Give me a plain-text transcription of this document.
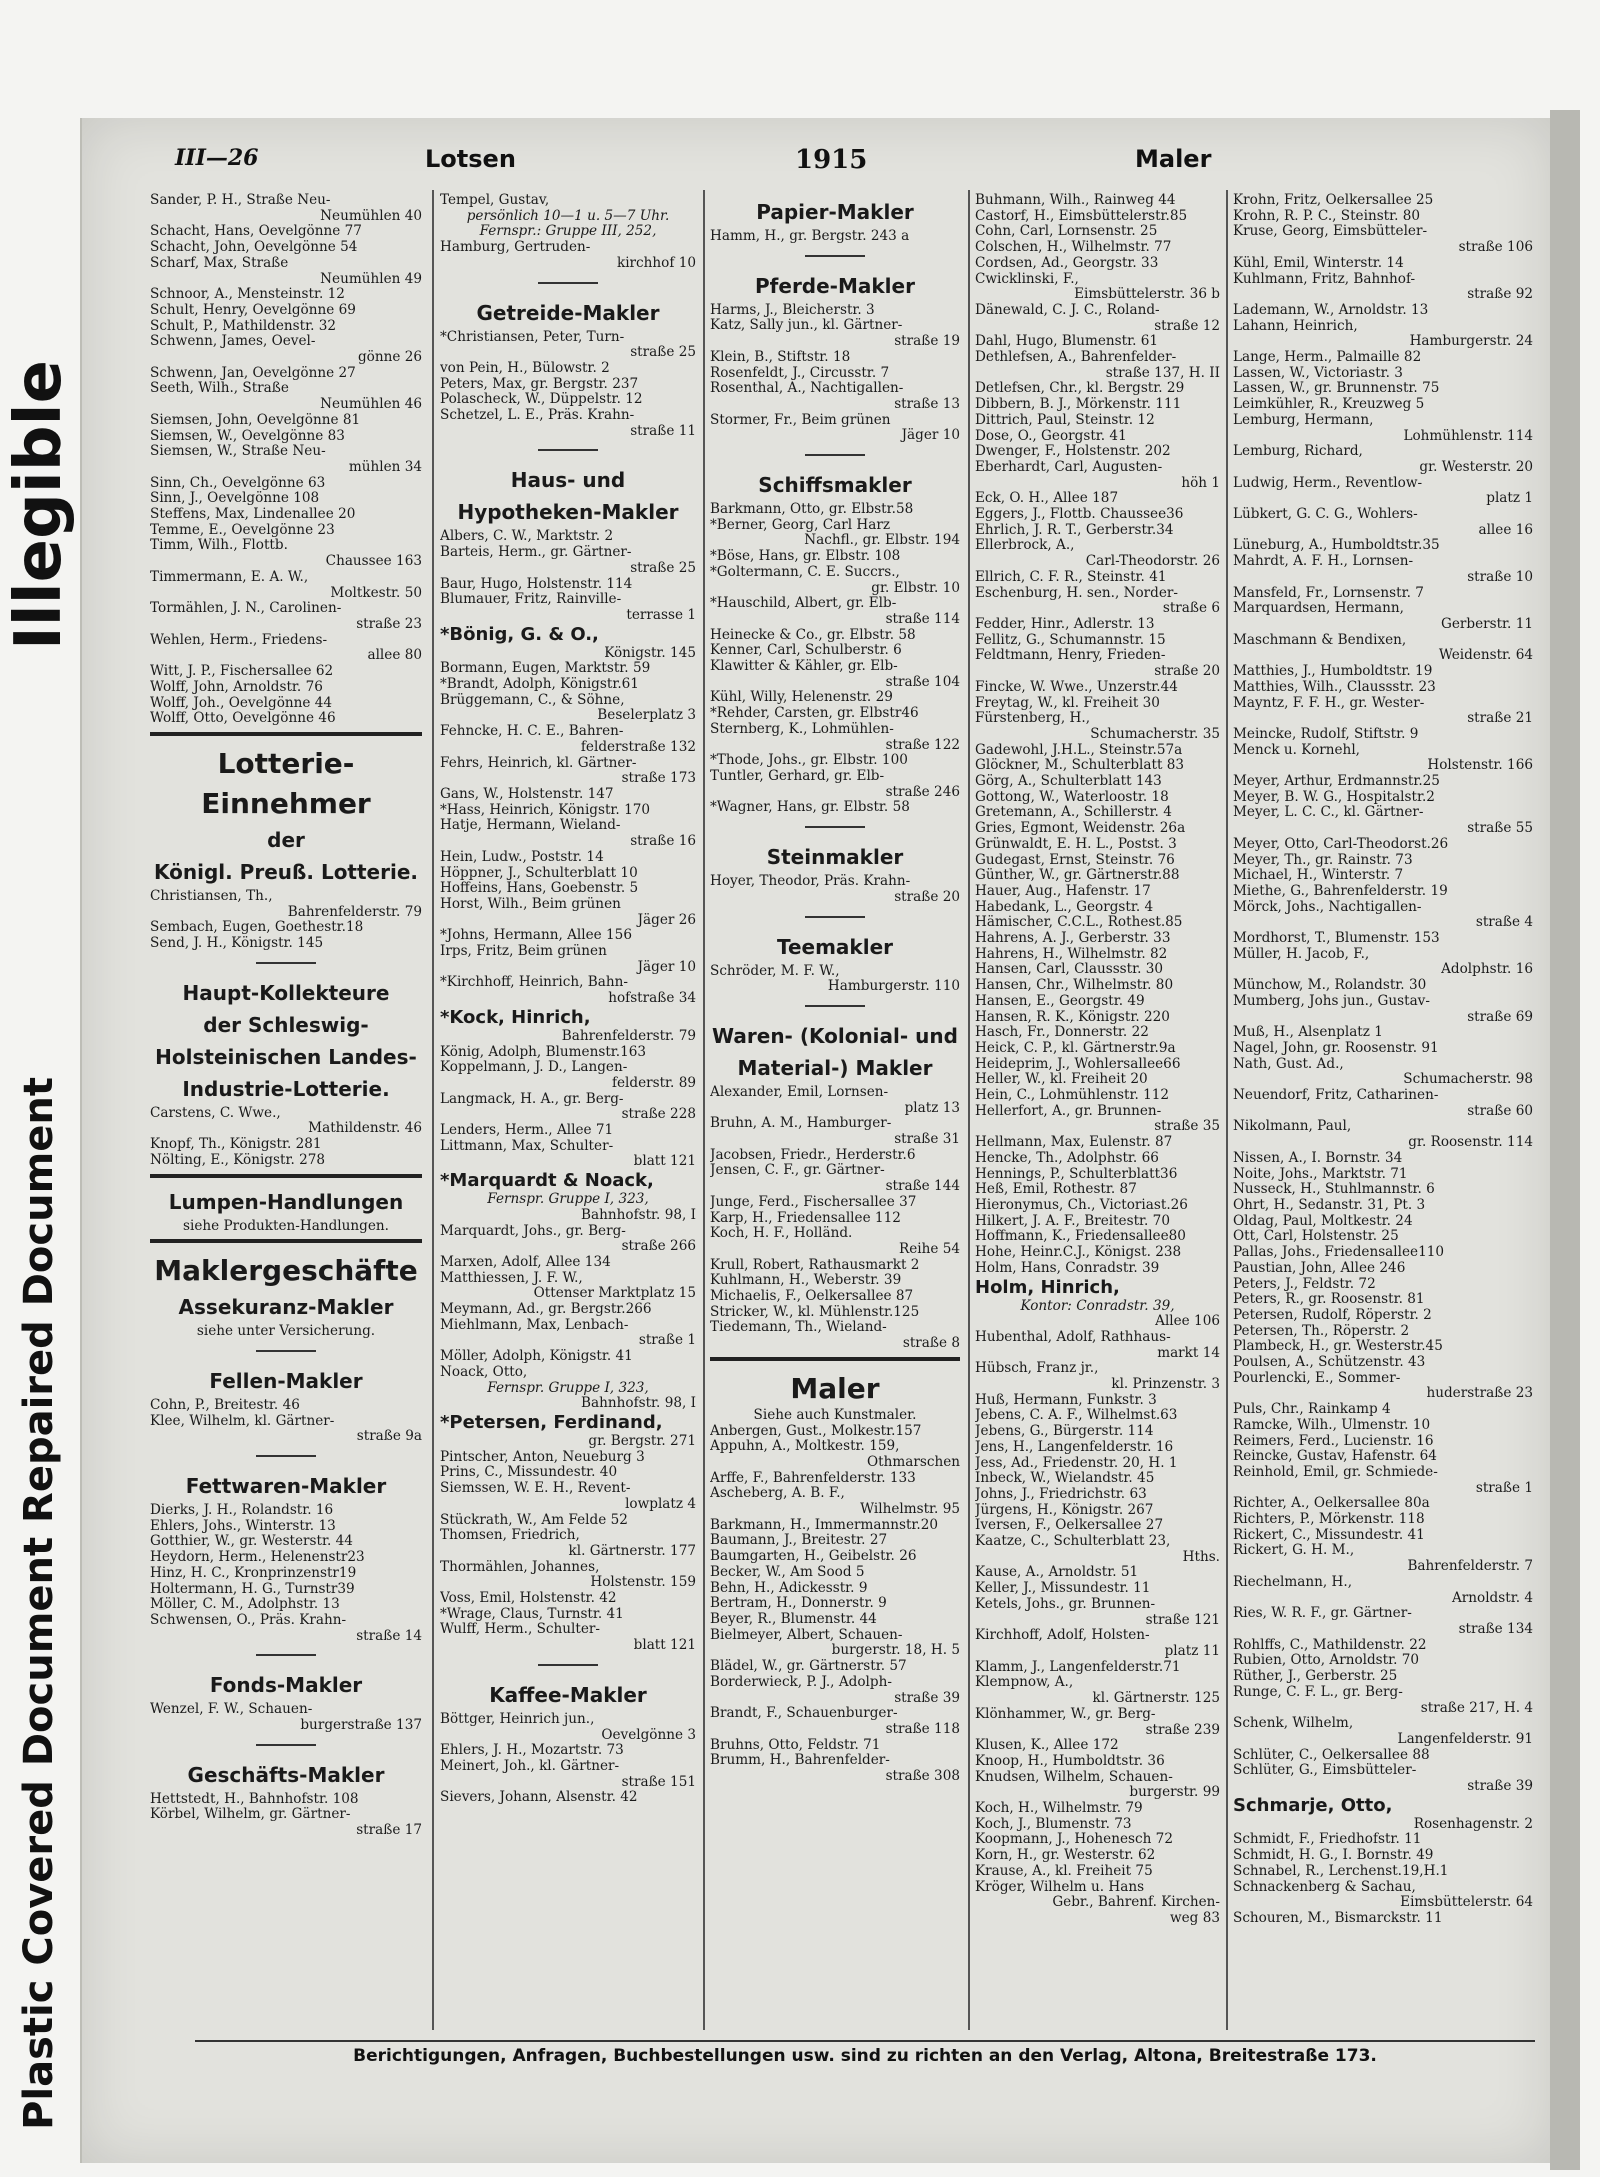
Illegible
Plastic Covered Document Repaired Document
III—26	Lotsen	1915	Maler
Sander, P. H., Straße Neu-
Neumühlen 40
Schacht, Hans, Oevelgönne 77
Schacht, John, Oevelgönne 54
Scharf, Max, Straße
Neumühlen 49
Schnoor, A., Mensteinstr. 12
Schult, Henry, Oevelgönne 69
Schult, P., Mathildenstr. 32
Schwenn, James, Oevel-
gönne 26
Schwenn, Jan, Oevelgönne 27
Seeth, Wilh., Straße
Neumühlen 46
Siemsen, John, Oevelgönne 81
Siemsen, W., Oevelgönne 83
Siemsen, W., Straße Neu-
mühlen 34
Sinn, Ch., Oevelgönne 63
Sinn, J., Oevelgönne 108
Steffens, Max, Lindenallee 20
Temme, E., Oevelgönne 23
Timm, Wilh., Flottb.
Chaussee 163
Timmermann, E. A. W.,
Moltkestr. 50
Tormählen, J. N., Carolinen-
straße 23
Wehlen, Herm., Friedens-
allee 80
Witt, J. P., Fischersallee 62
Wolff, John, Arnoldstr. 76
Wolff, Joh., Oevelgönne 44
Wolff, Otto, Oevelgönne 46
Lotterie-
Einnehmer
der
Königl. Preuß. Lotterie.
Christiansen, Th.,
Bahrenfelderstr. 79
Sembach, Eugen, Goethestr.18
Send, J. H., Königstr. 145
Haupt-Kollekteure
der Schleswig-
Holsteinischen Landes-
Industrie-Lotterie.
Carstens, C. Wwe.,
Mathildenstr. 46
Knopf, Th., Königstr. 281
Nölting, E., Königstr. 278
Lumpen-Handlungen
siehe Produkten-Handlungen.
Maklergeschäfte
Assekuranz-Makler
siehe unter Versicherung.
Fellen-Makler
Cohn, P., Breitestr. 46
Klee, Wilhelm, kl. Gärtner-
straße 9a
Fettwaren-Makler
Dierks, J. H., Rolandstr. 16
Ehlers, Johs., Winterstr. 13
Gotthier, W., gr. Westerstr. 44
Heydorn, Herm., Helenenstr23
Hinz, H. C., Kronprinzenstr19
Holtermann, H. G., Turnstr39
Möller, C. M., Adolphstr. 13
Schwensen, O., Präs. Krahn-
straße 14
Fonds-Makler
Wenzel, F. W., Schauen-
burgerstraße 137
Geschäfts-Makler
Hettstedt, H., Bahnhofstr. 108
Körbel, Wilhelm, gr. Gärtner-
straße 17
Tempel, Gustav,
persönlich 10—1 u. 5—7 Uhr.
Fernspr.: Gruppe III, 252,
Hamburg, Gertruden-
kirchhof 10
Getreide-Makler
*Christiansen, Peter, Turn-
straße 25
von Pein, H., Bülowstr. 2
Peters, Max, gr. Bergstr. 237
Polascheck, W., Düppelstr. 12
Schetzel, L. E., Präs. Krahn-
straße 11
Haus- und
Hypotheken-Makler
Albers, C. W., Marktstr. 2
Barteis, Herm., gr. Gärtner-
straße 25
Baur, Hugo, Holstenstr. 114
Blumauer, Fritz, Rainville-
terrasse 1
*Bönig, G. & O.,
Königstr. 145
Bormann, Eugen, Marktstr. 59
*Brandt, Adolph, Königstr.61
Brüggemann, C., & Söhne,
Beselerplatz 3
Fehncke, H. C. E., Bahren-
felderstraße 132
Fehrs, Heinrich, kl. Gärtner-
straße 173
Gans, W., Holstenstr. 147
*Hass, Heinrich, Königstr. 170
Hatje, Hermann, Wieland-
straße 16
Hein, Ludw., Poststr. 14
Höppner, J., Schulterblatt 10
Hoffeins, Hans, Goebenstr. 5
Horst, Wilh., Beim grünen
Jäger 26
*Johns, Hermann, Allee 156
Irps, Fritz, Beim grünen
Jäger 10
*Kirchhoff, Heinrich, Bahn-
hofstraße 34
*Kock, Hinrich,
Bahrenfelderstr. 79
König, Adolph, Blumenstr.163
Koppelmann, J. D., Langen-
felderstr. 89
Langmack, H. A., gr. Berg-
straße 228
Lenders, Herm., Allee 71
Littmann, Max, Schulter-
blatt 121
*Marquardt & Noack,
Fernspr. Gruppe I, 323,
Bahnhofstr. 98, I
Marquardt, Johs., gr. Berg-
straße 266
Marxen, Adolf, Allee 134
Matthiessen, J. F. W.,
Ottenser Marktplatz 15
Meymann, Ad., gr. Bergstr.266
Miehlmann, Max, Lenbach-
straße 1
Möller, Adolph, Königstr. 41
Noack, Otto,
Fernspr. Gruppe I, 323,
Bahnhofstr. 98, I
*Petersen, Ferdinand,
gr. Bergstr. 271
Pintscher, Anton, Neueburg 3
Prins, C., Missundestr. 40
Siemssen, W. E. H., Revent-
lowplatz 4
Stückrath, W., Am Felde 52
Thomsen, Friedrich,
kl. Gärtnerstr. 177
Thormählen, Johannes,
Holstenstr. 159
Voss, Emil, Holstenstr. 42
*Wrage, Claus, Turnstr. 41
Wulff, Herm., Schulter-
blatt 121
Kaffee-Makler
Böttger, Heinrich jun.,
Oevelgönne 3
Ehlers, J. H., Mozartstr. 73
Meinert, Joh., kl. Gärtner-
straße 151
Sievers, Johann, Alsenstr. 42
Papier-Makler
Hamm, H., gr. Bergstr. 243 a
Pferde-Makler
Harms, J., Bleicherstr. 3
Katz, Sally jun., kl. Gärtner-
straße 19
Klein, B., Stiftstr. 18
Rosenfeldt, J., Circusstr. 7
Rosenthal, A., Nachtigallen-
straße 13
Stormer, Fr., Beim grünen
Jäger 10
Schiffsmakler
Barkmann, Otto, gr. Elbstr.58
*Berner, Georg, Carl Harz
Nachfl., gr. Elbstr. 194
*Böse, Hans, gr. Elbstr. 108
*Goltermann, C. E. Succrs.,
gr. Elbstr. 10
*Hauschild, Albert, gr. Elb-
straße 114
Heinecke & Co., gr. Elbstr. 58
Kenner, Carl, Schulberstr. 6
Klawitter & Kähler, gr. Elb-
straße 104
Kühl, Willy, Helenenstr. 29
*Rehder, Carsten, gr. Elbstr46
Sternberg, K., Lohmühlen-
straße 122
*Thode, Johs., gr. Elbstr. 100
Tuntler, Gerhard, gr. Elb-
straße 246
*Wagner, Hans, gr. Elbstr. 58
Steinmakler
Hoyer, Theodor, Präs. Krahn-
straße 20
Teemakler
Schröder, M. F. W.,
Hamburgerstr. 110
Waren- (Kolonial- und
Material-) Makler
Alexander, Emil, Lornsen-
platz 13
Bruhn, A. M., Hamburger-
straße 31
Jacobsen, Friedr., Herderstr.6
Jensen, C. F., gr. Gärtner-
straße 144
Junge, Ferd., Fischersallee 37
Karp, H., Friedensallee 112
Koch, H. F., Holländ.
Reihe 54
Krull, Robert, Rathausmarkt 2
Kuhlmann, H., Weberstr. 39
Michaelis, F., Oelkersallee 87
Stricker, W., kl. Mühlenstr.125
Tiedemann, Th., Wieland-
straße 8
Maler
Siehe auch Kunstmaler.
Anbergen, Gust., Molkestr.157
Appuhn, A., Moltkestr. 159,
Othmarschen
Arffe, F., Bahrenfelderstr. 133
Ascheberg, A. B. F.,
Wilhelmstr. 95
Barkmann, H., Immermannstr.20
Baumann, J., Breitestr. 27
Baumgarten, H., Geibelstr. 26
Becker, W., Am Sood 5
Behn, H., Adickesstr. 9
Bertram, H., Donnerstr. 9
Beyer, R., Blumenstr. 44
Bielmeyer, Albert, Schauen-
burgerstr. 18, H. 5
Blädel, W., gr. Gärtnerstr. 57
Borderwieck, P. J., Adolph-
straße 39
Brandt, F., Schauenburger-
straße 118
Bruhns, Otto, Feldstr. 71
Brumm, H., Bahrenfelder-
straße 308
Buhmann, Wilh., Rainweg 44
Castorf, H., Eimsbüttelerstr.85
Cohn, Carl, Lornsenstr. 25
Colschen, H., Wilhelmstr. 77
Cordsen, Ad., Georgstr. 33
Cwicklinski, F.,
Eimsbüttelerstr. 36 b
Dänewald, C. J. C., Roland-
straße 12
Dahl, Hugo, Blumenstr. 61
Dethlefsen, A., Bahrenfelder-
straße 137, H. II
Detlefsen, Chr., kl. Bergstr. 29
Dibbern, B. J., Mörkenstr. 111
Dittrich, Paul, Steinstr. 12
Dose, O., Georgstr. 41
Dwenger, F., Holstenstr. 202
Eberhardt, Carl, Augusten-
höh 1
Eck, O. H., Allee 187
Eggers, J., Flottb. Chaussee36
Ehrlich, J. R. T., Gerberstr.34
Ellerbrock, A.,
Carl-Theodorstr. 26
Ellrich, C. F. R., Steinstr. 41
Eschenburg, H. sen., Norder-
straße 6
Fedder, Hinr., Adlerstr. 13
Fellitz, G., Schumannstr. 15
Feldtmann, Henry, Frieden-
straße 20
Fincke, W. Wwe., Unzerstr.44
Freytag, W., kl. Freiheit 30
Fürstenberg, H.,
Schumacherstr. 35
Gadewohl, J.H.L., Steinstr.57a
Glöckner, M., Schulterblatt 83
Görg, A., Schulterblatt 143
Gottong, W., Waterloostr. 18
Gretemann, A., Schillerstr. 4
Gries, Egmont, Weidenstr. 26a
Grünwaldt, E. H. L., Postst. 3
Gudegast, Ernst, Steinstr. 76
Günther, W., gr. Gärtnerstr.88
Hauer, Aug., Hafenstr. 17
Habedank, L., Georgstr. 4
Hämischer, C.C.L., Rothest.85
Hahrens, A. J., Gerberstr. 33
Hahrens, H., Wilhelmstr. 82
Hansen, Carl, Claussstr. 30
Hansen, Chr., Wilhelmstr. 80
Hansen, E., Georgstr. 49
Hansen, R. K., Königstr. 220
Hasch, Fr., Donnerstr. 22
Heick, C. P., kl. Gärtnerstr.9a
Heideprim, J., Wohlersallee66
Heller, W., kl. Freiheit 20
Hein, C., Lohmühlenstr. 112
Hellerfort, A., gr. Brunnen-
straße 35
Hellmann, Max, Eulenstr. 87
Hencke, Th., Adolphstr. 66
Hennings, P., Schulterblatt36
Heß, Emil, Rothestr. 87
Hieronymus, Ch., Victoriast.26
Hilkert, J. A. F., Breitestr. 70
Hoffmann, K., Friedensallee80
Hohe, Heinr.C.J., Königst. 238
Holm, Hans, Conradstr. 39
Holm, Hinrich,
Kontor: Conradstr. 39,
Allee 106
Hubenthal, Adolf, Rathhaus-
markt 14
Hübsch, Franz jr.,
kl. Prinzenstr. 3
Huß, Hermann, Funkstr. 3
Jebens, C. A. F., Wilhelmst.63
Jebens, G., Bürgerstr. 114
Jens, H., Langenfelderstr. 16
Jess, Ad., Friedenstr. 20, H. 1
Inbeck, W., Wielandstr. 45
Johns, J., Friedrichstr. 63
Jürgens, H., Königstr. 267
Iversen, F., Oelkersallee 27
Kaatze, C., Schulterblatt 23,
Hths.
Kause, A., Arnoldstr. 51
Keller, J., Missundestr. 11
Ketels, Johs., gr. Brunnen-
straße 121
Kirchhoff, Adolf, Holsten-
platz 11
Klamm, J., Langenfelderstr.71
Klempnow, A.,
kl. Gärtnerstr. 125
Klönhammer, W., gr. Berg-
straße 239
Klusen, K., Allee 172
Knoop, H., Humboldtstr. 36
Knudsen, Wilhelm, Schauen-
burgerstr. 99
Koch, H., Wilhelmstr. 79
Koch, J., Blumenstr. 73
Koopmann, J., Hohenesch 72
Korn, H., gr. Westerstr. 62
Krause, A., kl. Freiheit 75
Kröger, Wilhelm u. Hans
Gebr., Bahrenf. Kirchen-
weg 83
Krohn, Fritz, Oelkersallee 25
Krohn, R. P. C., Steinstr. 80
Kruse, Georg, Eimsbütteler-
straße 106
Kühl, Emil, Winterstr. 14
Kuhlmann, Fritz, Bahnhof-
straße 92
Lademann, W., Arnoldstr. 13
Lahann, Heinrich,
Hamburgerstr. 24
Lange, Herm., Palmaille 82
Lassen, W., Victoriastr. 3
Lassen, W., gr. Brunnenstr. 75
Leimkühler, R., Kreuzweg 5
Lemburg, Hermann,
Lohmühlenstr. 114
Lemburg, Richard,
gr. Westerstr. 20
Ludwig, Herm., Reventlow-
platz 1
Lübkert, G. C. G., Wohlers-
allee 16
Lüneburg, A., Humboldtstr.35
Mahrdt, A. F. H., Lornsen-
straße 10
Mansfeld, Fr., Lornsenstr. 7
Marquardsen, Hermann,
Gerberstr. 11
Maschmann & Bendixen,
Weidenstr. 64
Matthies, J., Humboldtstr. 19
Matthies, Wilh., Claussstr. 23
Mayntz, F. F. H., gr. Wester-
straße 21
Meincke, Rudolf, Stiftstr. 9
Menck u. Kornehl,
Holstenstr. 166
Meyer, Arthur, Erdmannstr.25
Meyer, B. W. G., Hospitalstr.2
Meyer, L. C. C., kl. Gärtner-
straße 55
Meyer, Otto, Carl-Theodorst.26
Meyer, Th., gr. Rainstr. 73
Michael, H., Winterstr. 7
Miethe, G., Bahrenfelderstr. 19
Mörck, Johs., Nachtigallen-
straße 4
Mordhorst, T., Blumenstr. 153
Müller, H. Jacob, F.,
Adolphstr. 16
Münchow, M., Rolandstr. 30
Mumberg, Johs jun., Gustav-
straße 69
Muß, H., Alsenplatz 1
Nagel, John, gr. Roosenstr. 91
Nath, Gust. Ad.,
Schumacherstr. 98
Neuendorf, Fritz, Catharinen-
straße 60
Nikolmann, Paul,
gr. Roosenstr. 114
Nissen, A., I. Bornstr. 34
Noite, Johs., Marktstr. 71
Nusseck, H., Stuhlmannstr. 6
Ohrt, H., Sedanstr. 31, Pt. 3
Oldag, Paul, Moltkestr. 24
Ott, Carl, Holstenstr. 25
Pallas, Johs., Friedensallee110
Paustian, John, Allee 246
Peters, J., Feldstr. 72
Peters, R., gr. Roosenstr. 81
Petersen, Rudolf, Röperstr. 2
Petersen, Th., Röperstr. 2
Plambeck, H., gr. Westerstr.45
Poulsen, A., Schützenstr. 43
Pourlencki, E., Sommer-
huderstraße 23
Puls, Chr., Rainkamp 4
Ramcke, Wilh., Ulmenstr. 10
Reimers, Ferd., Lucienstr. 16
Reincke, Gustav, Hafenstr. 64
Reinhold, Emil, gr. Schmiede-
straße 1
Richter, A., Oelkersallee 80a
Richters, P., Mörkenstr. 118
Rickert, C., Missundestr. 41
Rickert, G. H. M.,
Bahrenfelderstr. 7
Riechelmann, H.,
Arnoldstr. 4
Ries, W. R. F., gr. Gärtner-
straße 134
Rohlffs, C., Mathildenstr. 22
Rubien, Otto, Arnoldstr. 70
Rüther, J., Gerberstr. 25
Runge, C. F. L., gr. Berg-
straße 217, H. 4
Schenk, Wilhelm,
Langenfelderstr. 91
Schlüter, C., Oelkersallee 88
Schlüter, G., Eimsbütteler-
straße 39
Schmarje, Otto,
Rosenhagenstr. 2
Schmidt, F., Friedhofstr. 11
Schmidt, H. G., I. Bornstr. 49
Schnabel, R., Lerchenst.19,H.1
Schnackenberg & Sachau,
Eimsbüttelerstr. 64
Schouren, M., Bismarckstr. 11
Berichtigungen, Anfragen, Buchbestellungen usw. sind zu richten an den Verlag, Altona, Breitestraße 173.
